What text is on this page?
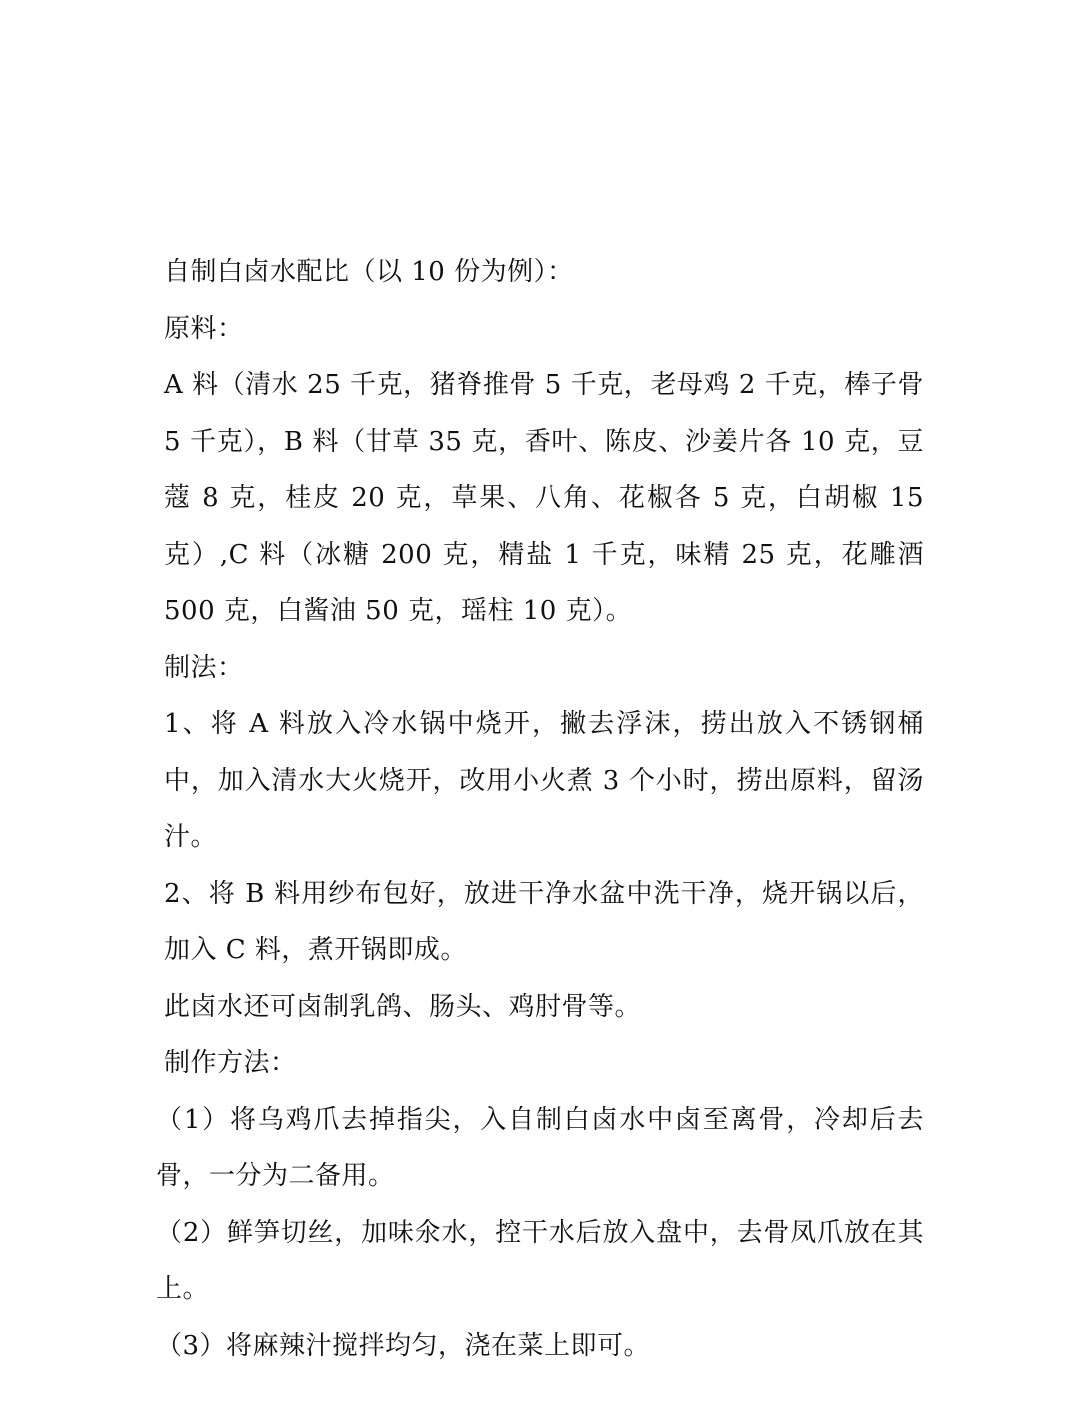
自制白卤水配比（以 10 份为例）：

原料：

A 料（清水 25 千克，猪脊推骨 5 千克，老母鸡 2 千克，棒子骨 5 千克），B 料（甘草 35 克，香叶、陈皮、沙姜片各 10 克，豆蔻 8 克，桂皮 20 克，草果、八角、花椒各 5 克，白胡椒 15 克）,C 料（冰糖 200 克，精盐 1 千克，味精 25 克，花雕酒 500 克，白酱油 50 克，瑶柱 10 克）。

制法：

1、将 A 料放入冷水锅中烧开，撇去浮沫，捞出放入不锈钢桶中，加入清水大火烧开，改用小火煮 3 个小时，捞出原料，留汤汁。

2、将 B 料用纱布包好，放进干净水盆中洗干净，烧开锅以后，加入 C 料，煮开锅即成。

此卤水还可卤制乳鸽、肠头、鸡肘骨等。

制作方法：

（1）将乌鸡爪去掉指尖，入自制白卤水中卤至离骨，冷却后去骨，一分为二备用。

（2）鲜笋切丝，加味氽水，控干水后放入盘中，去骨凤爪放在其上。

（3）将麻辣汁搅拌均匀，浇在菜上即可。
